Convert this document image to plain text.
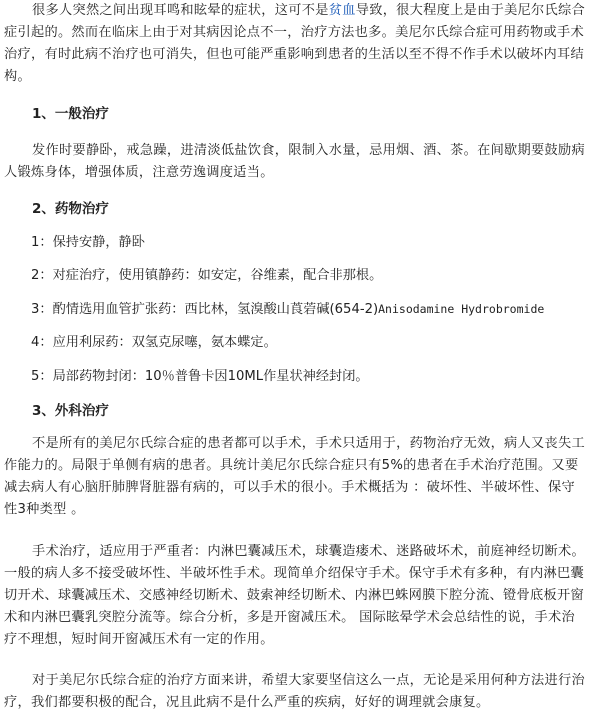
很多人突然之间出现耳鸣和眩晕的症状，这可不是贫血导致，很大程度上是由于美尼尔氏综合症引起的。然而在临床上由于对其病因论点不一，治疗方法也多。美尼尔氏综合症可用药物或手术治疗，有时此病不治疗也可消失，但也可能严重影响到患者的生活以至不得不作手术以破坏内耳结构。

1、一般治疗

发作时要静卧，戒急躁，进清淡低盐饮食，限制入水量，忌用烟、酒、茶。在间歇期要鼓励病人锻炼身体，增强体质，注意劳逸调度适当。

2、药物治疗

1：保持安静，静卧

2：对症治疗，使用镇静药：如安定，谷维素，配合非那根。

3：酌情选用血管扩张药：西比林，氢溴酸山莨菪碱(654-2)Anisodamine Hydrobromide

4：应用利尿药：双氢克尿噻，氨本蝶定。

5：局部药物封闭：10％普鲁卡因10ML作星状神经封闭。

3、外科治疗

不是所有的美尼尔氏综合症的患者都可以手术，手术只适用于，药物治疗无效，病人又丧失工作能力的。局限于单侧有病的患者。具统计美尼尔氏综合症只有5%的患者在手术治疗范围。又要减去病人有心脑肝肺脾肾脏器有病的，可以手术的很小。手术概括为 ：破坏性、半破坏性、保守性3种类型 。

手术治疗，适应用于严重者：内淋巴囊减压术，球囊造瘘术、迷路破坏术，前庭神经切断术。一般的病人多不接受破坏性、半破坏性手术。现简单介绍保守手术。保守手术有多种，有内淋巴囊切开术、球囊减压术、交感神经切断术、鼓索神经切断术、内淋巴蛛网膜下腔分流、镫骨底板开窗术和内淋巴囊乳突腔分流等。综合分析，多是开窗减压术。 国际眩晕学术会总结性的说，手术治疗不理想，短时间开窗减压术有一定的作用。

对于美尼尔氏综合症的治疗方面来讲，希望大家要坚信这么一点，无论是采用何种方法进行治疗，我们都要积极的配合，况且此病不是什么严重的疾病，好好的调理就会康复。
